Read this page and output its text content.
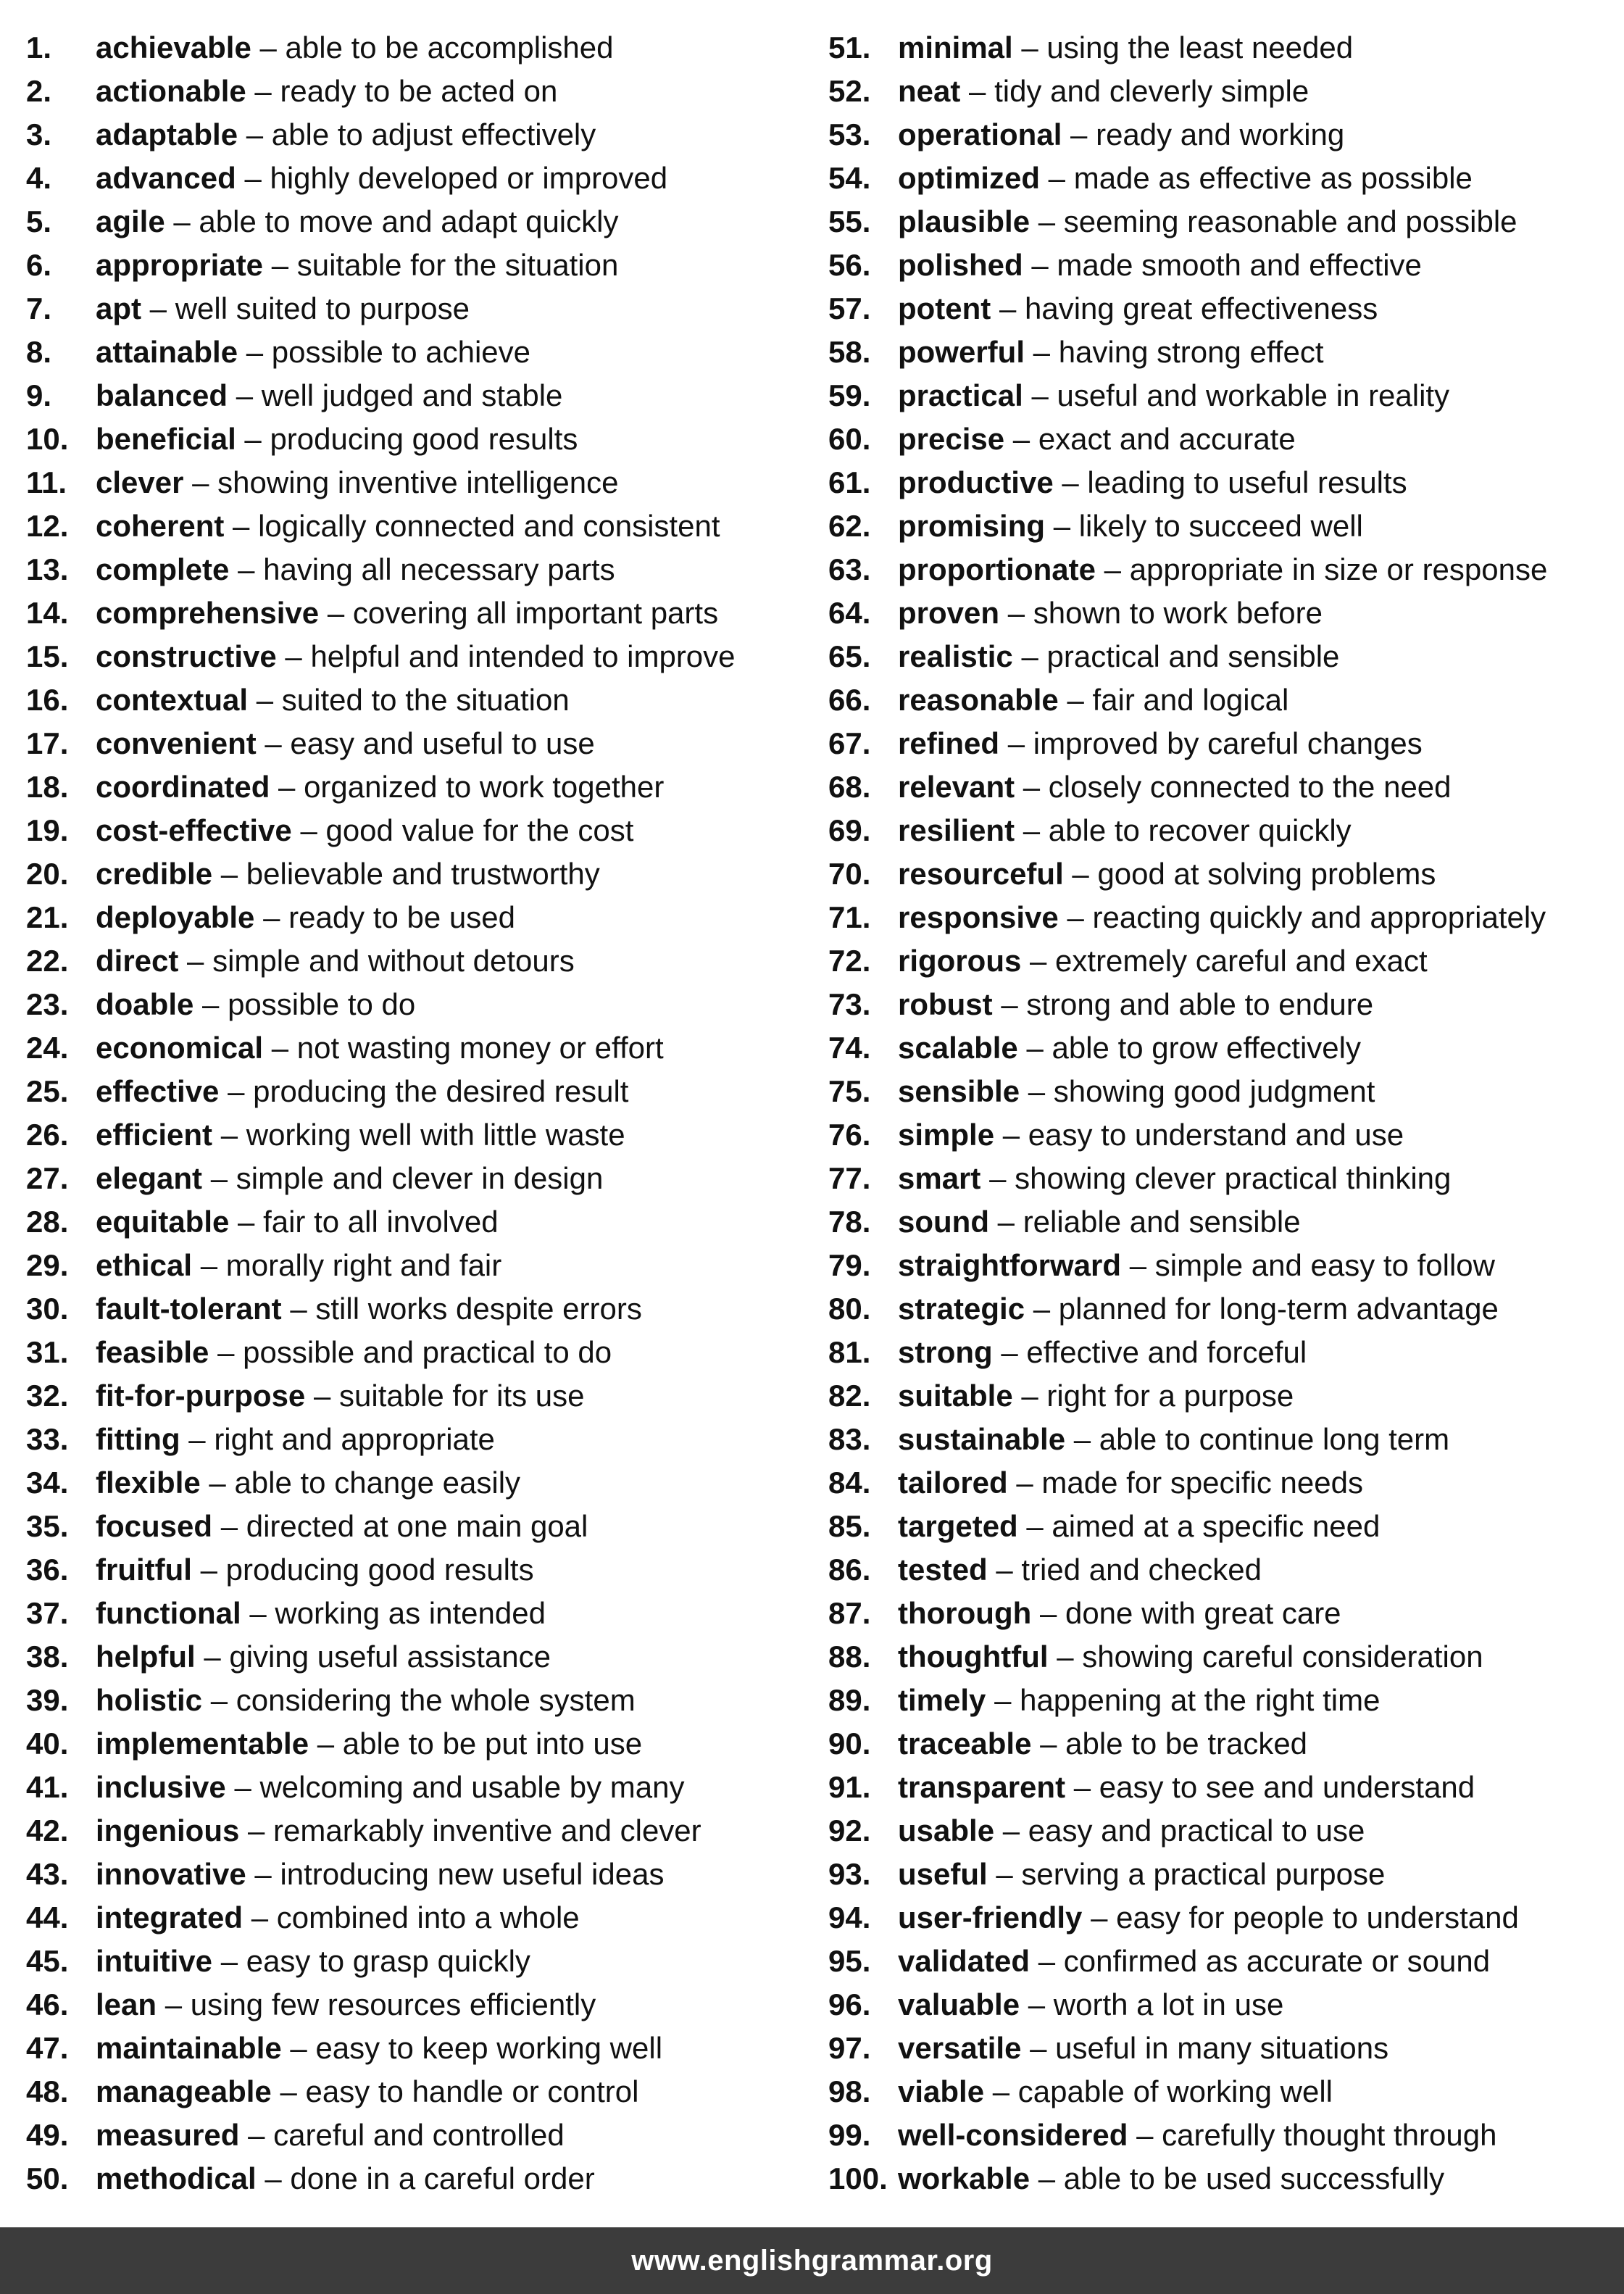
1. achievable – able to be accomplished
2. actionable – ready to be acted on
3. adaptable – able to adjust effectively
4. advanced – highly developed or improved
5. agile – able to move and adapt quickly
6. appropriate – suitable for the situation
7. apt – well suited to purpose
8. attainable – possible to achieve
9. balanced – well judged and stable
10. beneficial – producing good results
11. clever – showing inventive intelligence
12. coherent – logically connected and consistent
13. complete – having all necessary parts
14. comprehensive – covering all important parts
15. constructive – helpful and intended to improve
16. contextual – suited to the situation
17. convenient – easy and useful to use
18. coordinated – organized to work together
19. cost-effective – good value for the cost
20. credible – believable and trustworthy
21. deployable – ready to be used
22. direct – simple and without detours
23. doable – possible to do
24. economical – not wasting money or effort
25. effective – producing the desired result
26. efficient – working well with little waste
27. elegant – simple and clever in design
28. equitable – fair to all involved
29. ethical – morally right and fair
30. fault-tolerant – still works despite errors
31. feasible – possible and practical to do
32. fit-for-purpose – suitable for its use
33. fitting – right and appropriate
34. flexible – able to change easily
35. focused – directed at one main goal
36. fruitful – producing good results
37. functional – working as intended
38. helpful – giving useful assistance
39. holistic – considering the whole system
40. implementable – able to be put into use
41. inclusive – welcoming and usable by many
42. ingenious – remarkably inventive and clever
43. innovative – introducing new useful ideas
44. integrated – combined into a whole
45. intuitive – easy to grasp quickly
46. lean – using few resources efficiently
47. maintainable – easy to keep working well
48. manageable – easy to handle or control
49. measured – careful and controlled
50. methodical – done in a careful order
51. minimal – using the least needed
52. neat – tidy and cleverly simple
53. operational – ready and working
54. optimized – made as effective as possible
55. plausible – seeming reasonable and possible
56. polished – made smooth and effective
57. potent – having great effectiveness
58. powerful – having strong effect
59. practical – useful and workable in reality
60. precise – exact and accurate
61. productive – leading to useful results
62. promising – likely to succeed well
63. proportionate – appropriate in size or response
64. proven – shown to work before
65. realistic – practical and sensible
66. reasonable – fair and logical
67. refined – improved by careful changes
68. relevant – closely connected to the need
69. resilient – able to recover quickly
70. resourceful – good at solving problems
71. responsive – reacting quickly and appropriately
72. rigorous – extremely careful and exact
73. robust – strong and able to endure
74. scalable – able to grow effectively
75. sensible – showing good judgment
76. simple – easy to understand and use
77. smart – showing clever practical thinking
78. sound – reliable and sensible
79. straightforward – simple and easy to follow
80. strategic – planned for long-term advantage
81. strong – effective and forceful
82. suitable – right for a purpose
83. sustainable – able to continue long term
84. tailored – made for specific needs
85. targeted – aimed at a specific need
86. tested – tried and checked
87. thorough – done with great care
88. thoughtful – showing careful consideration
89. timely – happening at the right time
90. traceable – able to be tracked
91. transparent – easy to see and understand
92. usable – easy and practical to use
93. useful – serving a practical purpose
94. user-friendly – easy for people to understand
95. validated – confirmed as accurate or sound
96. valuable – worth a lot in use
97. versatile – useful in many situations
98. viable – capable of working well
99. well-considered – carefully thought through
100. workable – able to be used successfully
www.englishgrammar.org
